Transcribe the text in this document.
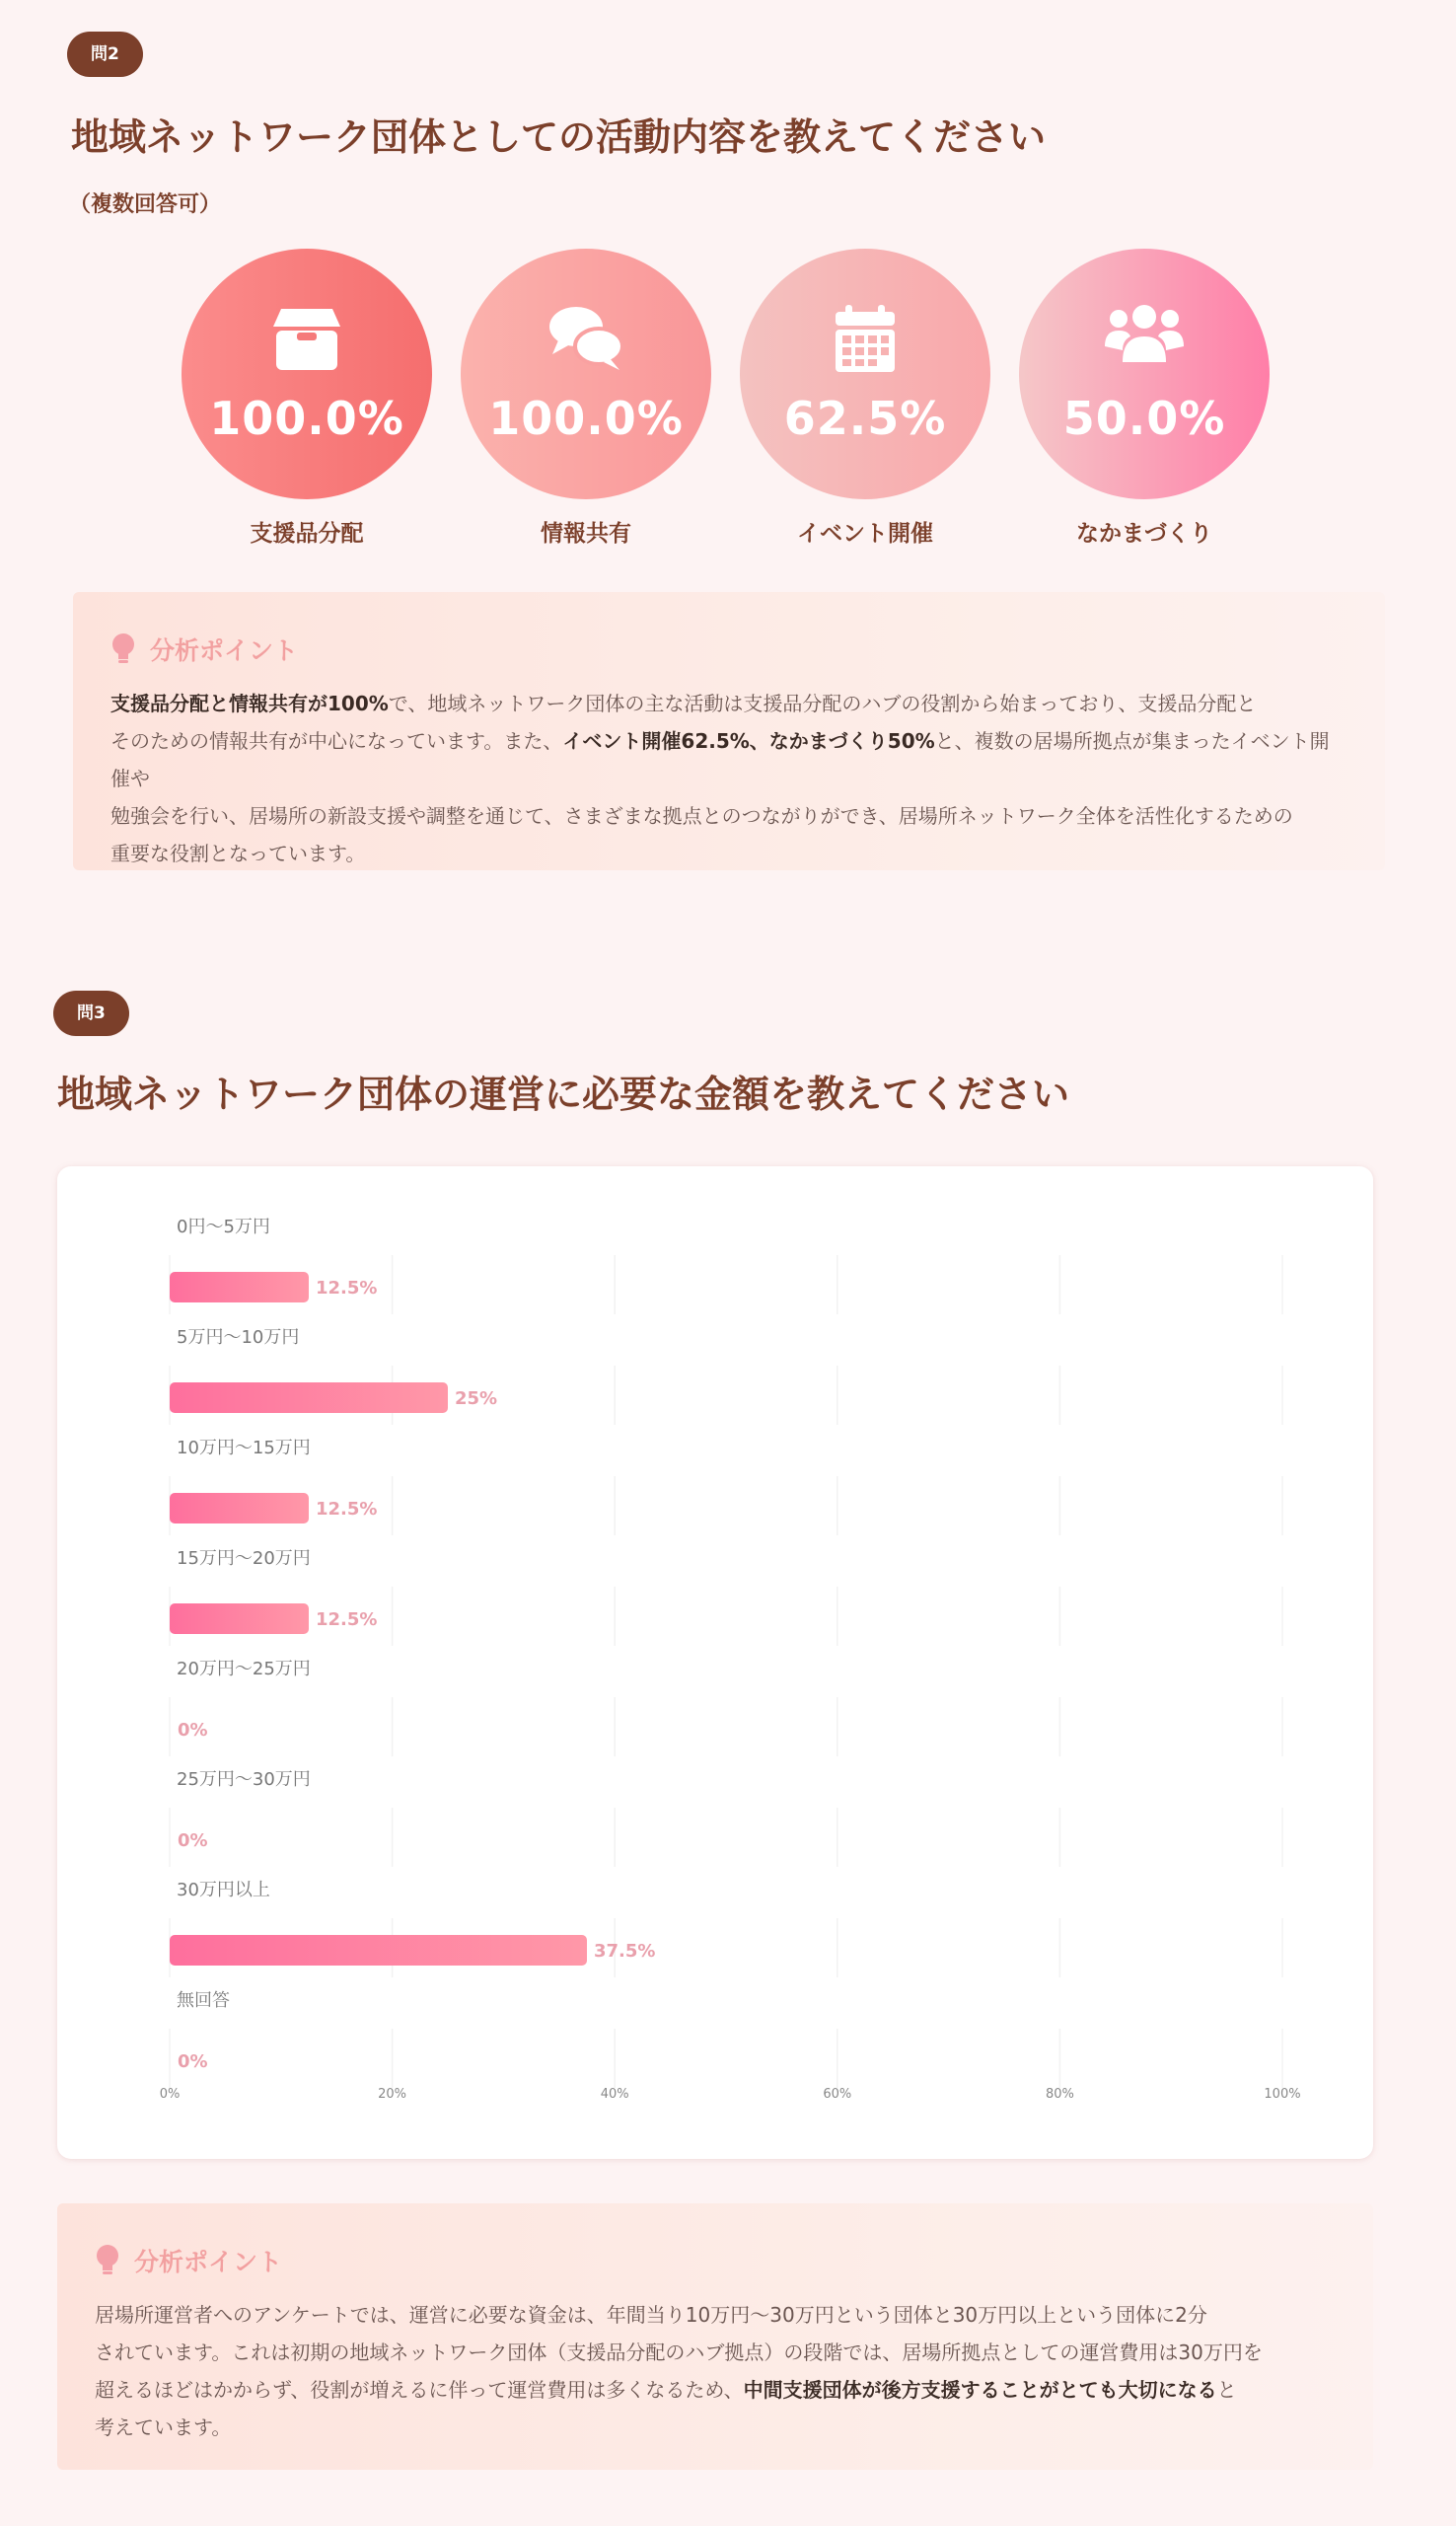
問2
地域ネットワーク団体としての活動内容を教えてください
（複数回答可）
100.0%
支援品分配
100.0%
情報共有
62.5%
イベント開催
50.0%
なかまづくり
分析ポイント
支援品分配と情報共有が100%で、地域ネットワーク団体の主な活動は支援品分配のハブの役割から始まっており、支援品分配と
そのための情報共有が中心になっています。また、イベント開催62.5%、なかまづくり50%と、複数の居場所拠点が集まったイベント開催や
勉強会を行い、居場所の新設支援や調整を通じて、さまざまな拠点とのつながりができ、居場所ネットワーク全体を活性化するための
重要な役割となっています。
問3
地域ネットワーク団体の運営に必要な金額を教えてください
0円〜5万円
12.5%
5万円〜10万円
25%
10万円〜15万円
12.5%
15万円〜20万円
12.5%
20万円〜25万円
0%
25万円〜30万円
0%
30万円以上
37.5%
無回答
0%
0%	20%	40%	60%	80%	100%
分析ポイント
居場所運営者へのアンケートでは、運営に必要な資金は、年間当り10万円〜30万円という団体と30万円以上という団体に2分
されています。これは初期の地域ネットワーク団体（支援品分配のハブ拠点）の段階では、居場所拠点としての運営費用は30万円を
超えるほどはかからず、役割が増えるに伴って運営費用は多くなるため、中間支援団体が後方支援することがとても大切になると
考えています。
